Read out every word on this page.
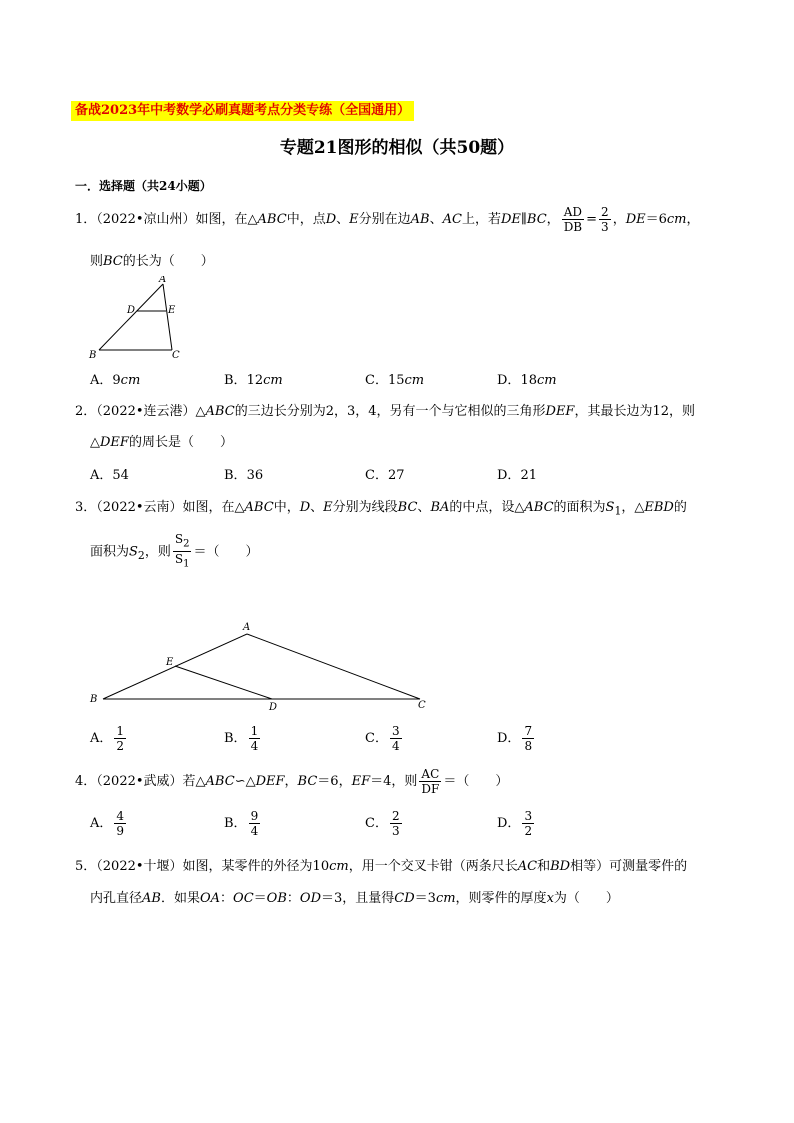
备战2023年中考数学必刷真题考点分类专练（全国通用）
专题21图形的相似（共50题）
一．选择题（共24小题）
1．（2022•凉山州）如图，在△ABC中，点D、E分别在边AB、AC上，若DE∥BC， $\frac{AD}{DB} = \frac{2}{3}$ ，DE＝6cm，
则BC的长为（　　）
A
D	E
B	C
A．9cm	B．12cm	C．15cm	D．18cm
2．（2022•连云港）△ABC的三边长分别为2，3，4，另有一个与它相似的三角形DEF，其最长边为12，则
△DEF的周长是（　　）
A．54	B．36	C．27	D．21
3．（2022•云南）如图，在△ABC中，D、E分别为线段BC、BA的中点，设△ABC的面积为$S_1$，△EBD的
面积为$S_2$，则 $\frac{S_2}{S_1}$ ＝（　　）
A
E
B
D	C
A． $\frac{1}{2}$	B． $\frac{1}{4}$	C． $\frac{3}{4}$	D． $\frac{7}{8}$
4．（2022•武威）若△ABC∽△DEF，BC＝6，EF＝4，则 $\frac{AC}{DF}$ ＝（　　）
A． $\frac{4}{9}$	B． $\frac{9}{4}$	C． $\frac{2}{3}$	D． $\frac{3}{2}$
5．（2022•十堰）如图，某零件的外径为10cm，用一个交叉卡钳（两条尺长AC和BD相等）可测量零件的
内孔直径AB．如果OA：OC＝OB：OD＝3，且量得CD＝3cm，则零件的厚度x为（　　）
